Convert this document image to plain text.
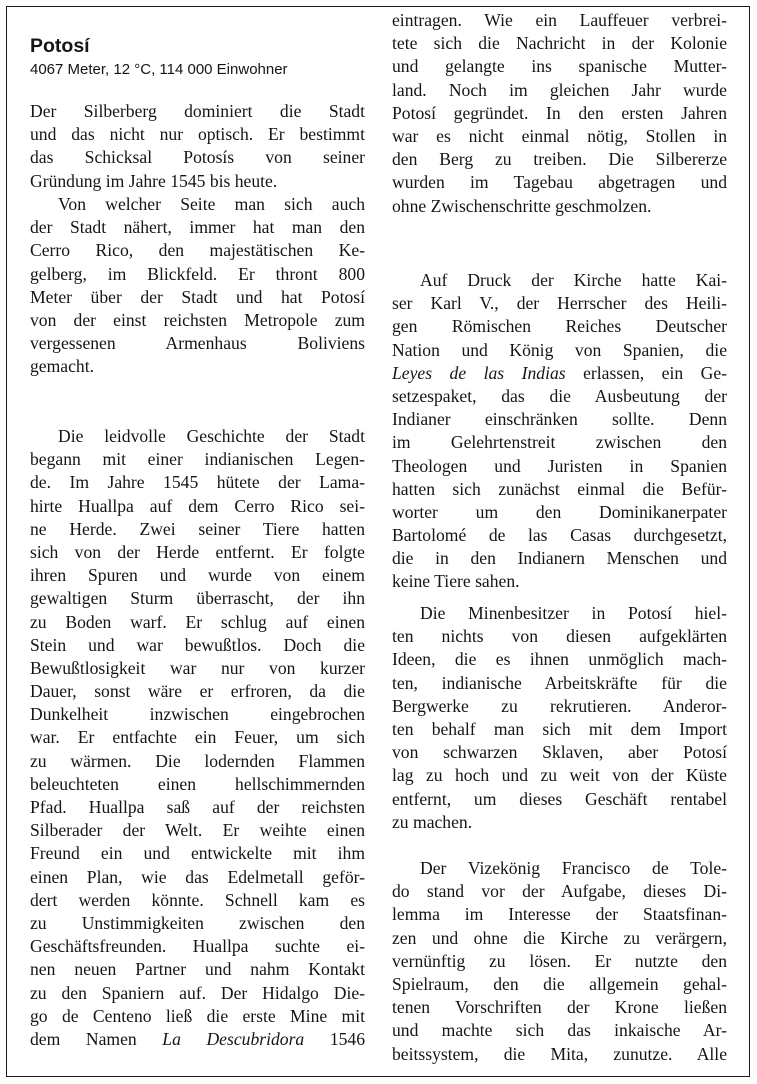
Potosí
4067 Meter, 12 °C, 114 000 Einwohner
Der Silberberg dominiert die Stadt
und das nicht nur optisch. Er bestimmt
das Schicksal Potosís von seiner
Gründung im Jahre 1545 bis heute.
Von welcher Seite man sich auch
der Stadt nähert, immer hat man den
Cerro Rico, den majestätischen Ke-
gelberg, im Blickfeld. Er thront 800
Meter über der Stadt und hat Potosí
von der einst reichsten Metropole zum
vergessenen Armenhaus Boliviens
gemacht.
Die leidvolle Geschichte der Stadt
begann mit einer indianischen Legen-
de. Im Jahre 1545 hütete der Lama-
hirte Huallpa auf dem Cerro Rico sei-
ne Herde. Zwei seiner Tiere hatten
sich von der Herde entfernt. Er folgte
ihren Spuren und wurde von einem
gewaltigen Sturm überrascht, der ihn
zu Boden warf. Er schlug auf einen
Stein und war bewußtlos. Doch die
Bewußtlosigkeit war nur von kurzer
Dauer, sonst wäre er erfroren, da die
Dunkelheit inzwischen eingebrochen
war. Er entfachte ein Feuer, um sich
zu wärmen. Die lodernden Flammen
beleuchteten einen hellschimmernden
Pfad. Huallpa saß auf der reichsten
Silberader der Welt. Er weihte einen
Freund ein und entwickelte mit ihm
einen Plan, wie das Edelmetall geför-
dert werden könnte. Schnell kam es
zu Unstimmigkeiten zwischen den
Geschäftsfreunden. Huallpa suchte ei-
nen neuen Partner und nahm Kontakt
zu den Spaniern auf. Der Hidalgo Die-
go de Centeno ließ die erste Mine mit
dem Namen La Descubridora 1546
eintragen. Wie ein Lauffeuer verbrei-
tete sich die Nachricht in der Kolonie
und gelangte ins spanische Mutter-
land. Noch im gleichen Jahr wurde
Potosí gegründet. In den ersten Jahren
war es nicht einmal nötig, Stollen in
den Berg zu treiben. Die Silbererze
wurden im Tagebau abgetragen und
ohne Zwischenschritte geschmolzen.
Auf Druck der Kirche hatte Kai-
ser Karl V., der Herrscher des Heili-
gen Römischen Reiches Deutscher
Nation und König von Spanien, die
Leyes de las Indias erlassen, ein Ge-
setzespaket, das die Ausbeutung der
Indianer einschränken sollte. Denn
im Gelehrtenstreit zwischen den
Theologen und Juristen in Spanien
hatten sich zunächst einmal die Befür-
worter um den Dominikanerpater
Bartolomé de las Casas durchgesetzt,
die in den Indianern Menschen und
keine Tiere sahen.
Die Minenbesitzer in Potosí hiel-
ten nichts von diesen aufgeklärten
Ideen, die es ihnen unmöglich mach-
ten, indianische Arbeitskräfte für die
Bergwerke zu rekrutieren. Anderor-
ten behalf man sich mit dem Import
von schwarzen Sklaven, aber Potosí
lag zu hoch und zu weit von der Küste
entfernt, um dieses Geschäft rentabel
zu machen.
Der Vizekönig Francisco de Tole-
do stand vor der Aufgabe, dieses Di-
lemma im Interesse der Staatsfinan-
zen und ohne die Kirche zu verärgern,
vernünftig zu lösen. Er nutzte den
Spielraum, den die allgemein gehal-
tenen Vorschriften der Krone ließen
und machte sich das inkaische Ar-
beitssystem, die Mita, zunutze. Alle
